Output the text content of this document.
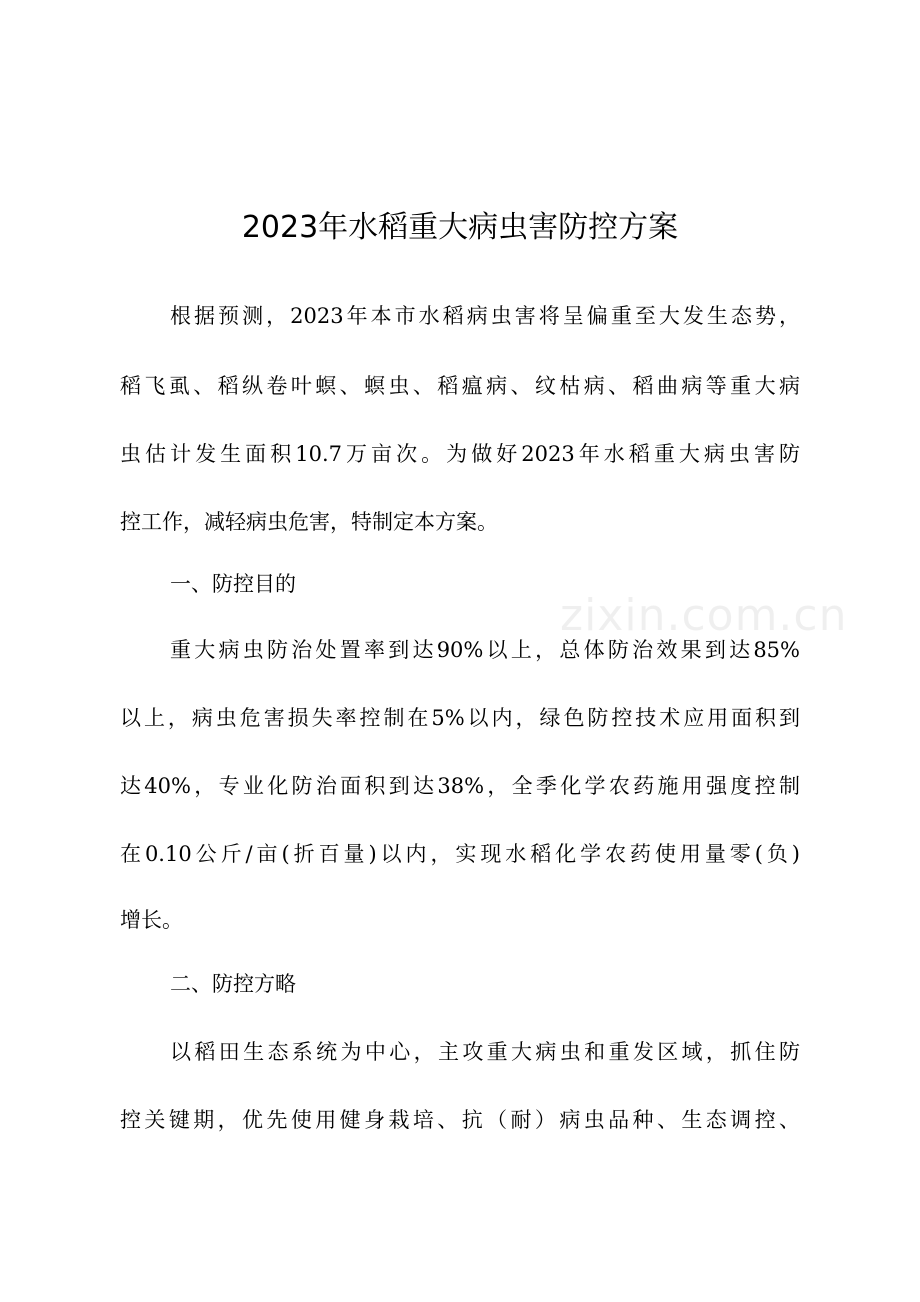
zixin.com.cn
2023年水稻重大病虫害防控方案
根据预测，2023年本市水稻病虫害将呈偏重至大发生态势，
稻飞虱、稻纵卷叶螟、螟虫、稻瘟病、纹枯病、稻曲病等重大病
虫估计发生面积10.7万亩次。为做好2023年水稻重大病虫害防
控工作，减轻病虫危害，特制定本方案。
一、防控目的
重大病虫防治处置率到达90%以上，总体防治效果到达85%
以上，病虫危害损失率控制在5%以内，绿色防控技术应用面积到
达40%，专业化防治面积到达38%，全季化学农药施用强度控制
在0.10公斤/亩(折百量)以内，实现水稻化学农药使用量零(负)
增长。
二、防控方略
以稻田生态系统为中心，主攻重大病虫和重发区域，抓住防
控关键期，优先使用健身栽培、抗（耐）病虫品种、生态调控、
